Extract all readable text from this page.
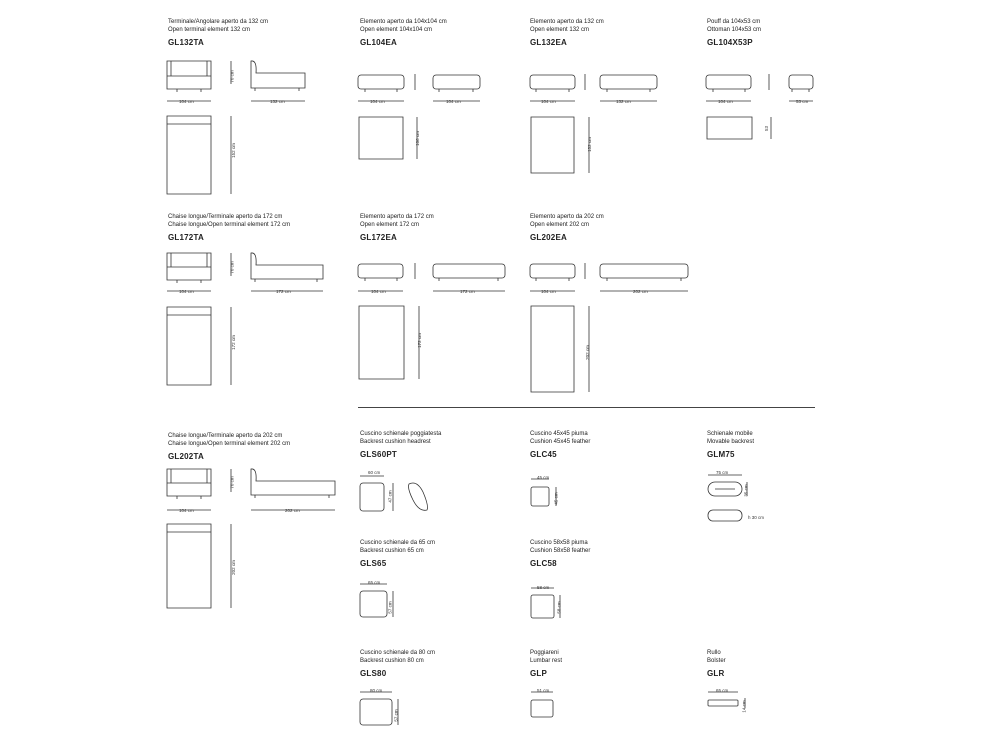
Terminale/Angolare aperto da 132 cm
Open terminal element 132 cm
GL132TA
104 cm	132 cm
70 cm
152 cm
Elemento aperto da 104x104 cm
Open element 104x104 cm
GL104EA
104 cm	104 cm
106 cm
Elemento aperto da 132 cm
Open element 132 cm
GL132EA
104 cm	132 cm
152 cm
Pouff da 104x53 cm
Ottoman 104x53 cm
GL104X53P
104 cm	53 cm
53
Chaise longue/Terminale aperto da 172 cm
Chaise longue/Open terminal element 172 cm
GL172TA
104 cm	172 cm
70 cm
172 cm
Elemento aperto da 172 cm
Open element 172 cm
GL172EA
104 cm	172 cm
172 cm
Elemento aperto da 202 cm
Open element 202 cm
GL202EA
104 cm	202 cm
202 cm
Chaise longue/Terminale aperto da 202 cm
Chaise longue/Open terminal element 202 cm
GL202TA
104 cm	202 cm
70 cm
202 cm
Cuscino schienale poggiatesta
Backrest cushion headrest
GLS60PT
60 cm
47 cm
Cuscino 45x45 piuma
Cushion 45x45 feather
GLC45
45 cm
45 cm
Schienale mobile
Movable backrest
GLM75
75 cm
35 cm
h 30 cm
Cuscino schienale da 65 cm
Backrest cushion 65 cm
GLS65
65 cm
57 cm
Cuscino 58x58 piuma
Cushion 58x58 feather
GLC58
58 cm
58 cm
Cuscino schienale da 80 cm
Backrest cushion 80 cm
GLS80
80 cm
57 cm
Poggiareni
Lumbar rest
GLP
51 cm
Rullo
Bolster
GLR
65 cm
14 cm
